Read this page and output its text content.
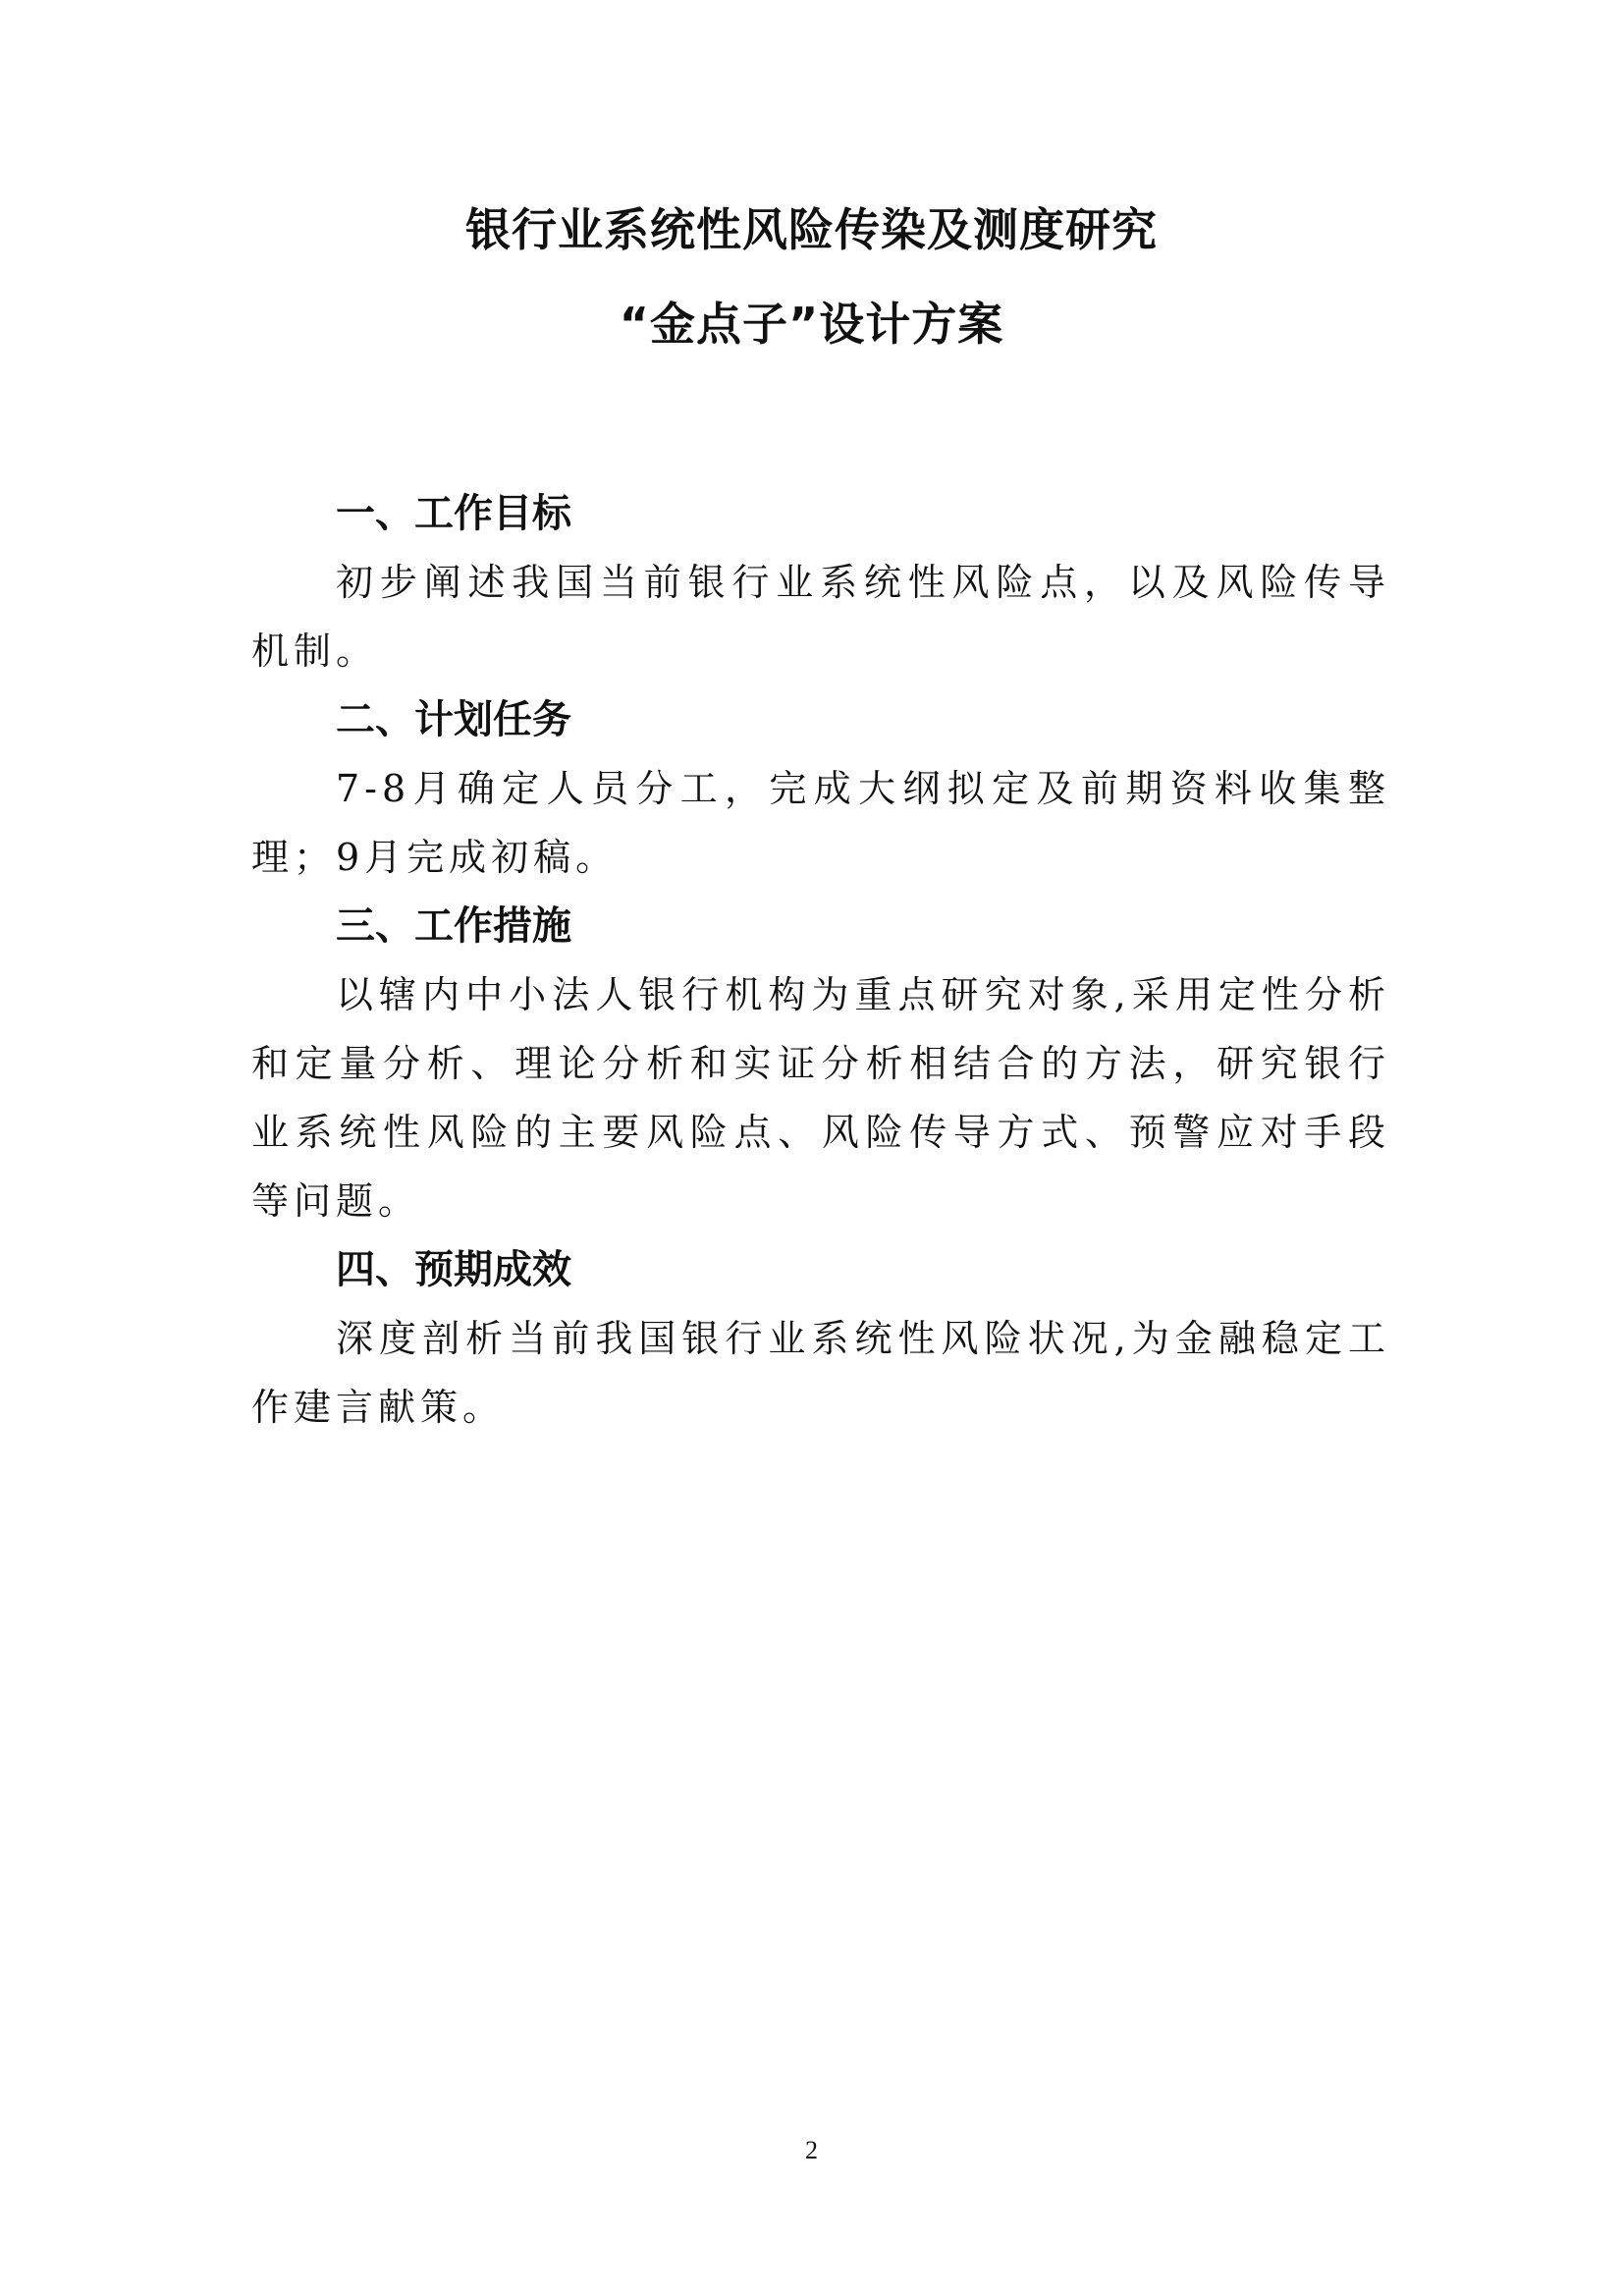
银行业系统性风险传染及测度研究
“金点子”设计方案

一、工作目标

初步阐述我国当前银行业系统性风险点，以及风险传导机制。

二、计划任务

7-8月确定人员分工，完成大纲拟定及前期资料收集整理；9月完成初稿。

三、工作措施

以辖内中小法人银行机构为重点研究对象,采用定性分析和定量分析、理论分析和实证分析相结合的方法，研究银行业系统性风险的主要风险点、风险传导方式、预警应对手段等问题。

四、预期成效

深度剖析当前我国银行业系统性风险状况,为金融稳定工作建言献策。

2
